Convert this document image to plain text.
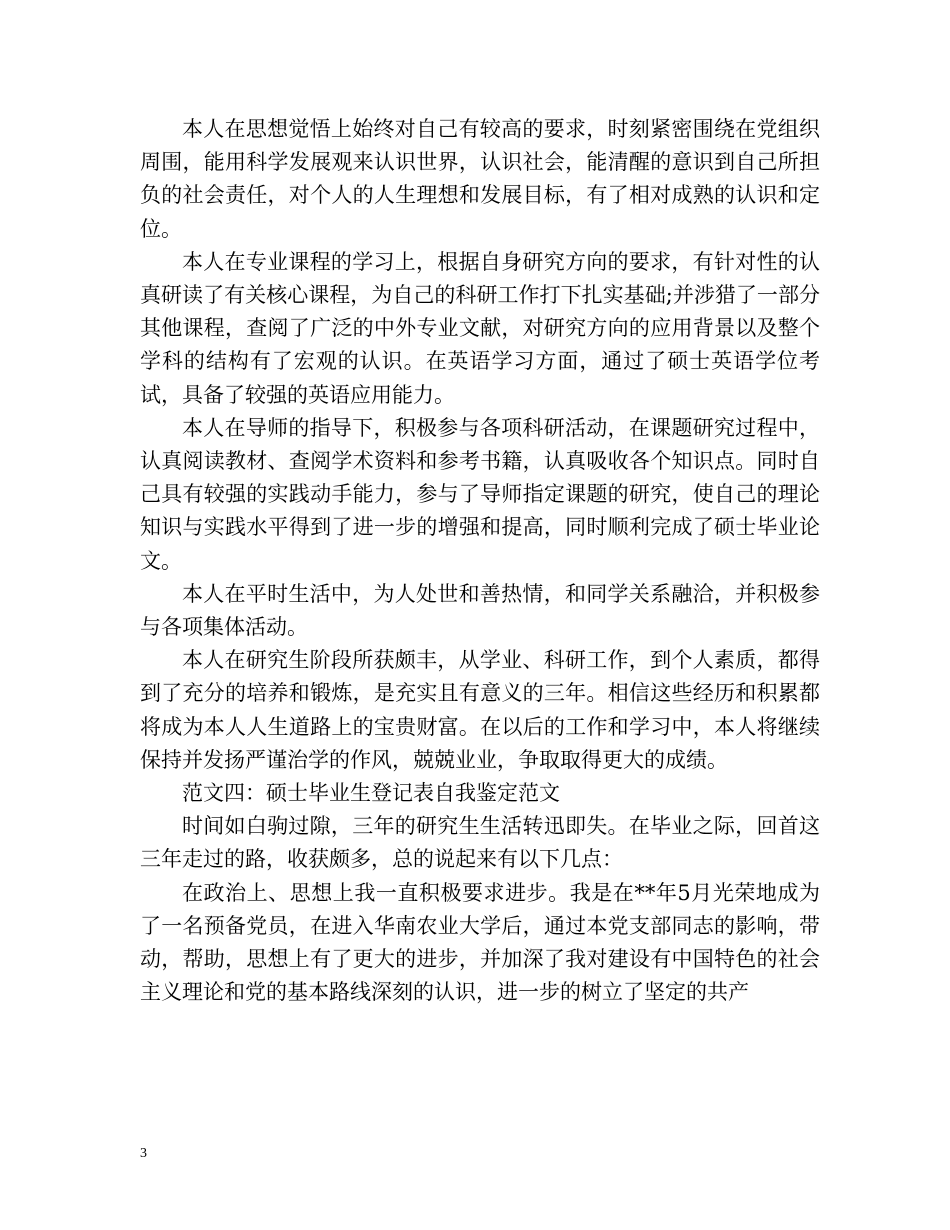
本人在思想觉悟上始终对自己有较高的要求，时刻紧密围绕在党组织周围，能用科学发展观来认识世界，认识社会，能清醒的意识到自己所担负的社会责任，对个人的人生理想和发展目标，有了相对成熟的认识和定位。

本人在专业课程的学习上，根据自身研究方向的要求，有针对性的认真研读了有关核心课程，为自己的科研工作打下扎实基础;并涉猎了一部分其他课程，查阅了广泛的中外专业文献，对研究方向的应用背景以及整个学科的结构有了宏观的认识。在英语学习方面，通过了硕士英语学位考试，具备了较强的英语应用能力。

本人在导师的指导下，积极参与各项科研活动，在课题研究过程中，认真阅读教材、查阅学术资料和参考书籍，认真吸收各个知识点。同时自己具有较强的实践动手能力，参与了导师指定课题的研究，使自己的理论知识与实践水平得到了进一步的增强和提高，同时顺利完成了硕士毕业论文。

本人在平时生活中，为人处世和善热情，和同学关系融洽，并积极参与各项集体活动。

本人在研究生阶段所获颇丰，从学业、科研工作，到个人素质，都得到了充分的培养和锻炼，是充实且有意义的三年。相信这些经历和积累都将成为本人人生道路上的宝贵财富。在以后的工作和学习中，本人将继续保持并发扬严谨治学的作风，兢兢业业，争取取得更大的成绩。

范文四：硕士毕业生登记表自我鉴定范文

时间如白驹过隙，三年的研究生生活转迅即失。在毕业之际，回首这三年走过的路，收获颇多，总的说起来有以下几点：

在政治上、思想上我一直积极要求进步。我是在**年5月光荣地成为了一名预备党员，在进入华南农业大学后，通过本党支部同志的影响，带动，帮助，思想上有了更大的进步，并加深了我对建设有中国特色的社会主义理论和党的基本路线深刻的认识，进一步的树立了坚定的共产

3
